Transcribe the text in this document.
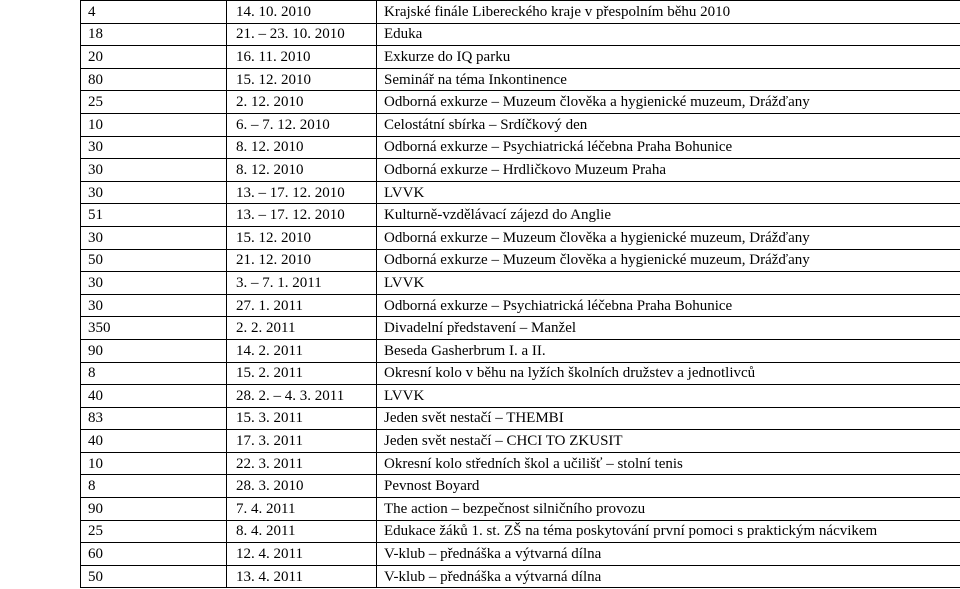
4	14. 10. 2010	Krajské finále Libereckého kraje v přespolním běhu 2010
18	21. – 23. 10. 2010	Eduka
20	16. 11. 2010	Exkurze do IQ parku
80	15. 12. 2010	Seminář na téma Inkontinence
25	2. 12. 2010	Odborná exkurze – Muzeum člověka a hygienické muzeum, Drážďany
10	6. – 7. 12. 2010	Celostátní sbírka – Srdíčkový den
30	8. 12. 2010	Odborná exkurze – Psychiatrická léčebna Praha Bohunice
30	8. 12. 2010	Odborná exkurze – Hrdličkovo Muzeum Praha
30	13. – 17. 12. 2010	LVVK
51	13. – 17. 12. 2010	Kulturně-vzdělávací zájezd do Anglie
30	15. 12. 2010	Odborná exkurze – Muzeum člověka a hygienické muzeum, Drážďany
50	21. 12. 2010	Odborná exkurze – Muzeum člověka a hygienické muzeum, Drážďany
30	3. – 7. 1. 2011	LVVK
30	27. 1. 2011	Odborná exkurze – Psychiatrická léčebna Praha Bohunice
350	2. 2. 2011	Divadelní představení – Manžel
90	14. 2. 2011	Beseda Gasherbrum I. a II.
8	15. 2. 2011	Okresní kolo v běhu na lyžích školních družstev a jednotlivců
40	28. 2. – 4. 3. 2011	LVVK
83	15. 3. 2011	Jeden svět nestačí – THEMBI
40	17. 3. 2011	Jeden svět nestačí – CHCI TO ZKUSIT
10	22. 3. 2011	Okresní kolo středních škol a učilišť – stolní tenis
8	28. 3. 2010	Pevnost Boyard
90	7. 4. 2011	The action – bezpečnost silničního provozu
25	8. 4. 2011	Edukace žáků 1. st. ZŠ na téma poskytování první pomoci s praktickým nácvikem
60	12. 4. 2011	V-klub – přednáška a výtvarná dílna
50	13. 4. 2011	V-klub – přednáška a výtvarná dílna
